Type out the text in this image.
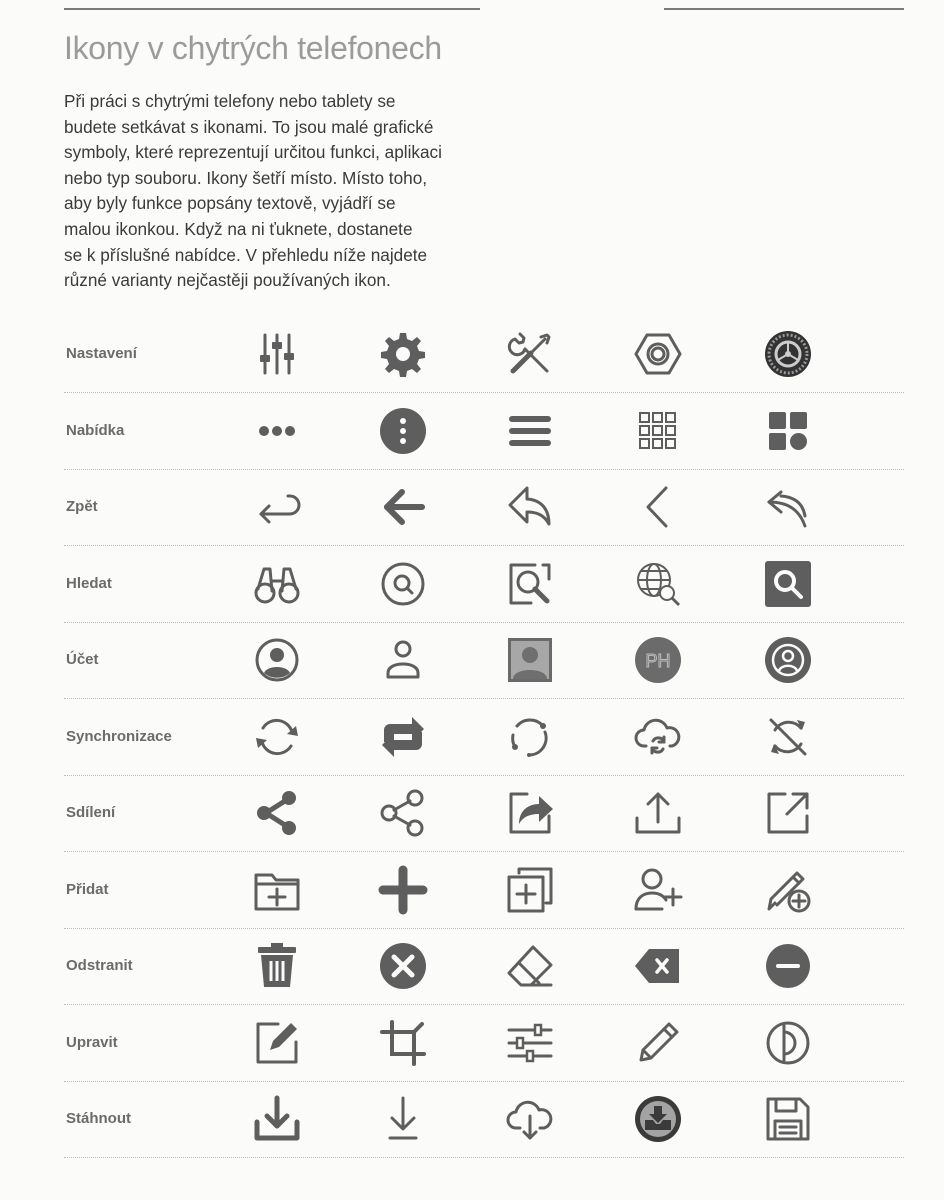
Ikony v chytrých telefonech
Při práci s chytrými telefony nebo tablety se
budete setkávat s ikonami. To jsou malé grafické
symboly, které reprezentují určitou funkci, aplikaci
nebo typ souboru. Ikony šetří místo. Místo toho,
aby byly funkce popsány textově, vyjádří se
malou ikonkou. Když na ni ťuknete, dostanete
se k příslušné nabídce. V přehledu níže najdete
různé varianty nejčastěji používaných ikon.
Nastavení
Nabídka
Zpět
Hledat
Účet	PH
Synchronizace
Sdílení
Přidat
Odstranit
Upravit
Stáhnout
